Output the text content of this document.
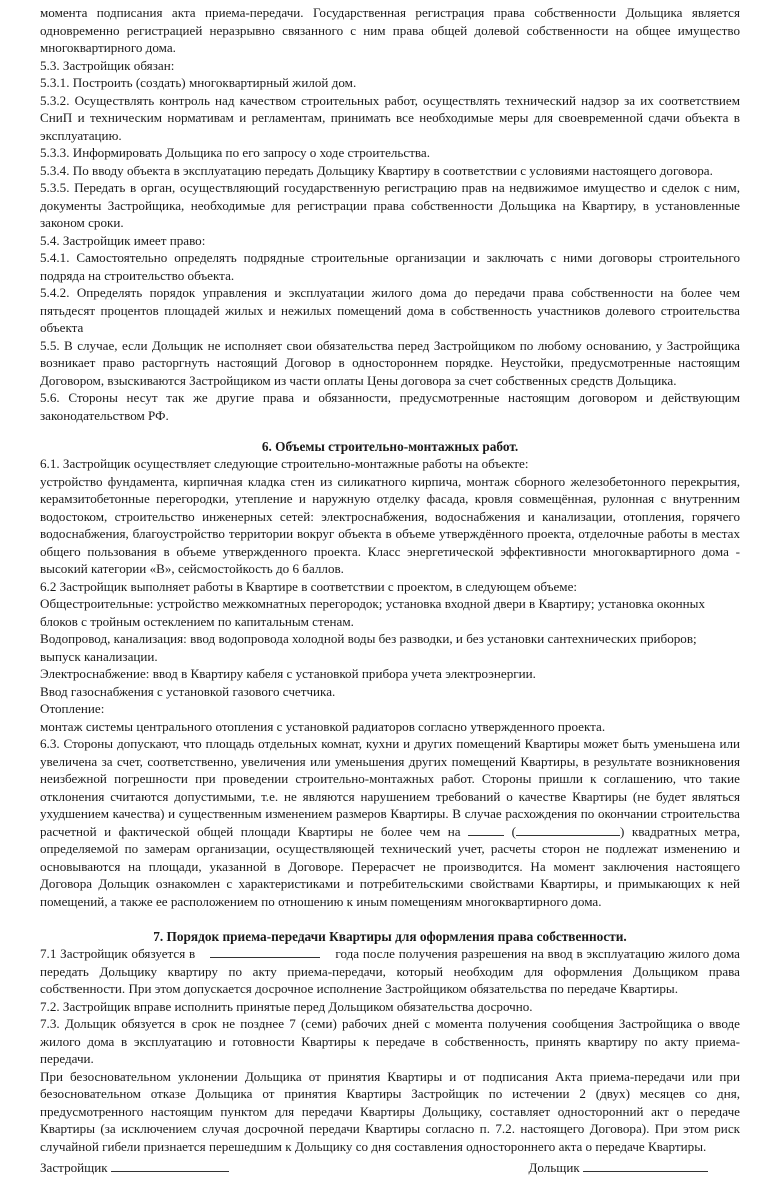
момента подписания акта приема-передачи. Государственная регистрация права собственности Дольщика является одновременно регистрацией неразрывно связанного с ним права общей долевой собственности на общее имущество многоквартирного дома.

5.3. Застройщик обязан:

5.3.1. Построить (создать) многоквартирный жилой дом.

5.3.2. Осуществлять контроль над качеством строительных работ, осуществлять технический надзор за их соответствием СниП и техническим нормативам и регламентам, принимать все необходимые меры для своевременной сдачи объекта в эксплуатацию.

5.3.3. Информировать Дольщика по его запросу о ходе строительства.

5.3.4. По вводу объекта в эксплуатацию передать Дольщику Квартиру в соответствии с условиями настоящего договора.

5.3.5. Передать в орган, осуществляющий государственную регистрацию прав на недвижимое имущество и сделок с ним, документы Застройщика, необходимые для регистрации права собственности Дольщика на Квартиру, в установленные законом сроки.

5.4. Застройщик имеет право:

5.4.1. Самостоятельно определять подрядные строительные организации и заключать с ними договоры строительного подряда на строительство объекта.

5.4.2. Определять порядок управления и эксплуатации жилого дома до передачи права собственности на более чем пятьдесят процентов площадей жилых и нежилых помещений дома в собственность участников долевого строительства объекта

5.5. В случае, если Дольщик не исполняет свои обязательства перед Застройщиком по любому основанию, у Застройщика возникает право расторгнуть настоящий Договор в одностороннем порядке. Неустойки, предусмотренные настоящим Договором, взыскиваются Застройщиком из части оплаты Цены договора за счет собственных средств Дольщика.

5.6. Стороны несут так же другие права и обязанности, предусмотренные настоящим договором и действующим законодательством РФ.

6. Объемы строительно-монтажных работ.

6.1. Застройщик осуществляет следующие строительно-монтажные работы на объекте:

устройство фундамента, кирпичная кладка стен из силикатного кирпича, монтаж сборного железобетонного перекрытия, керамзитобетонные перегородки, утепление и наружную отделку фасада, кровля совмещённая, рулонная с внутренним водостоком, строительство инженерных сетей: электроснабжения, водоснабжения и канализации, отопления, горячего водоснабжения, благоустройство территории вокруг объекта в объеме утверждённого проекта, отделочные работы в местах общего пользования в объеме утвержденного проекта. Класс энергетической эффективности многоквартирного дома - высокий категории «В», сейсмостойкость до 6 баллов.

6.2 Застройщик выполняет работы в Квартире в соответствии с проектом, в следующем объеме:

Общестроительные: устройство межкомнатных перегородок; установка входной двери в Квартиру; установка оконных блоков с тройным остеклением по капитальным стенам.

Водопровод, канализация: ввод водопровода холодной воды без разводки, и без установки сантехнических приборов; выпуск канализации.

Электроснабжение: ввод в Квартиру кабеля с установкой прибора учета электроэнергии.

Ввод газоснабжения с установкой газового счетчика.

Отопление:

монтаж системы центрального отопления с установкой радиаторов согласно утвержденного проекта.

6.3. Стороны допускают, что площадь отдельных комнат, кухни и других помещений Квартиры может быть уменьшена или увеличена за счет, соответственно, увеличения или уменьшения других помещений Квартиры, в результате возникновения неизбежной погрешности при проведении строительно-монтажных работ. Стороны пришли к соглашению, что такие отклонения считаются допустимыми, т.е. не являются нарушением требований о качестве Квартиры (не будет являться ухудшением качества) и существенным изменением размеров Квартиры. В случае расхождения по окончании строительства расчетной и фактической общей площади Квартиры не более чем на	(	) квадратных метра, определяемой по замерам организации, осуществляющей технический учет, расчеты сторон не подлежат изменению и основываются на площади, указанной в Договоре. Перерасчет не производится. На момент заключения настоящего Договора Дольщик ознакомлен с характеристиками и потребительскими свойствами Квартиры, и примыкающих к ней помещений, а также ее расположением по отношению к иным помещениям многоквартирного дома.

7. Порядок приема-передачи Квартиры для оформления права собственности.

7.1 Застройщик обязуется в	года после получения разрешения на ввод в эксплуатацию жилого дома передать Дольщику квартиру по акту приема-передачи, который необходим для оформления Дольщиком права собственности. При этом допускается досрочное исполнение Застройщиком обязательства по передаче Квартиры.

7.2. Застройщик вправе исполнить принятые перед Дольщиком обязательства досрочно.

7.3. Дольщик обязуется в срок не позднее 7 (семи) рабочих дней с момента получения сообщения Застройщика о вводе жилого дома в эксплуатацию и готовности Квартиры к передаче в собственность, принять квартиру по акту приема-передачи.

При безосновательном уклонении Дольщика от принятия Квартиры и от подписания Акта приема-передачи или при безосновательном отказе Дольщика от принятия Квартиры Застройщик по истечении 2 (двух) месяцев со дня, предусмотренного настоящим пунктом для передачи Квартиры Дольщику, составляет односторонний акт о передаче Квартиры (за исключением случая досрочной передачи Квартиры согласно п. 7.2. настоящего Договора). При этом риск случайной гибели признается перешедшим к Дольщику со дня составления одностороннего акта о передаче Квартиры.

Застройщик	Дольщик
